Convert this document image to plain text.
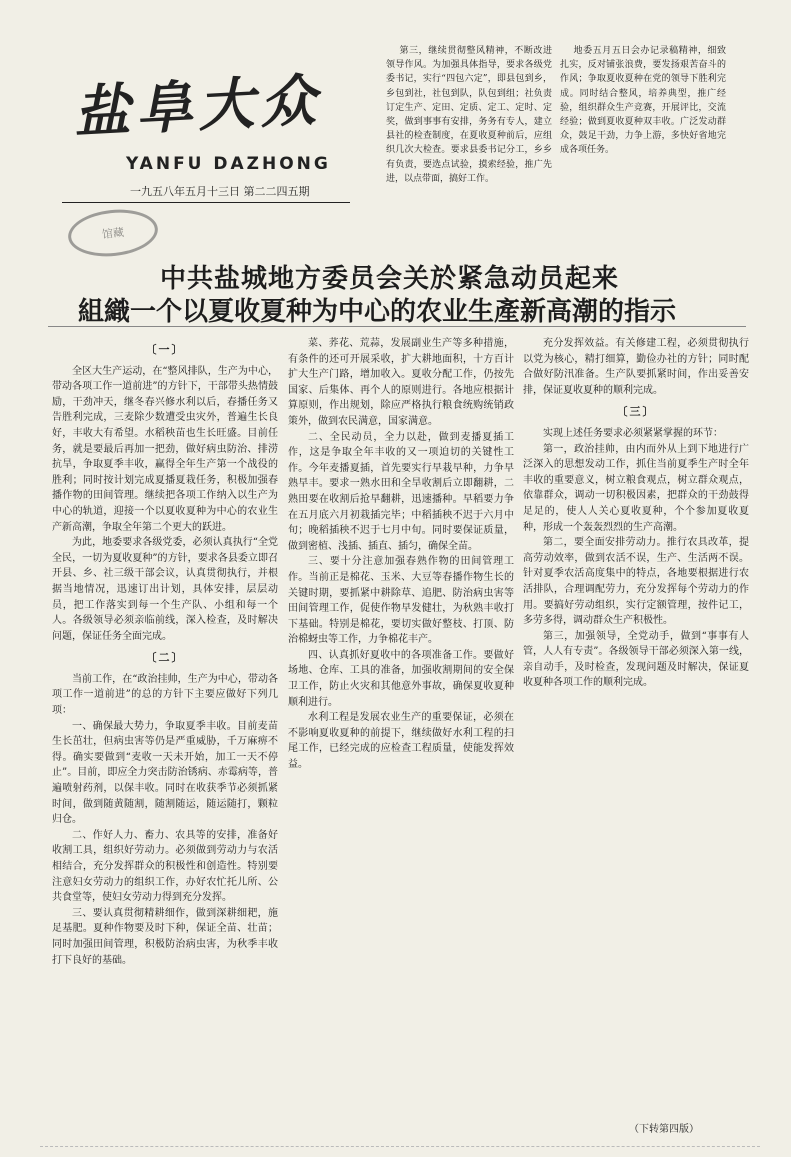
盐阜大众
YANFU DAZHONG
一九五八年五月十三日 第二二四五期
馆藏

第三，继续贯彻整风精神，不断改进领导作风。为加强具体指导，要求各级党委书记，实行“四包六定”，即县包到乡，乡包到社，社包到队，队包到组；社负责订定生产、定田、定质、定工、定时、定奖，做到事事有安排，务务有专人，建立县社的检查制度，在夏收夏种前后，应组织几次大检查。要求县委书记分工，乡乡有负责，要选点试验，摸索经验，推广先进，以点带面，搞好工作。

地委五月五日会办记录稿精神，细致扎实，反对铺张浪费，要发扬艰苦奋斗的作风；争取夏收夏种在党的领导下胜利完成。同时结合整风，培养典型，推广经验，组织群众生产竞赛，开展评比，交流经验；做到夏收夏种双丰收。广泛发动群众，鼓足干劲，力争上游，多快好省地完成各项任务。

中共盐城地方委员会关於紧急动员起来
組織一个以夏收夏种为中心的农业生產新高潮的指示
〔一〕

全区大生产运动，在“整风排队，生产为中心，带动各项工作一道前进”的方针下，干部带头热情鼓励，干劲冲天，继冬春兴修水利以后，春播任务又告胜利完成，三麦除少数遭受虫灾外，普遍生长良好，丰收大有希望。水稻秧苗也生长旺盛。目前任务，就是要最后再加一把劲，做好病虫防治、排涝抗旱，争取夏季丰收，赢得全年生产第一个战役的胜利；同时按计划完成夏播夏栽任务，积极加强春播作物的田间管理。继续把各项工作纳入以生产为中心的轨道，迎接一个以夏收夏种为中心的农业生产新高潮，争取全年第二个更大的跃进。

为此，地委要求各级党委，必须认真执行“全党全民，一切为夏收夏种”的方针，要求各县委立即召开县、乡、社三级干部会议，认真贯彻执行，并根据当地情况，迅速订出计划，具体安排，层层动员，把工作落实到每一个生产队、小组和每一个人。各级领导必须亲临前线，深入检查，及时解决问题，保证任务全面完成。

〔二〕

当前工作，在“政治挂帅，生产为中心，带动各项工作一道前进”的总的方针下主要应做好下列几项：

一、确保最大势力，争取夏季丰收。目前麦苗生长茁壮，但病虫害等仍是严重威胁，千万麻痹不得。确实要做到“麦收一天未开始，加工一天不停止”。目前，即应全力突击防治锈病、赤霉病等，普遍喷射药剂，以保丰收。同时在收获季节必须抓紧时间，做到随黄随割，随割随运，随运随打，颗粒归仓。

二、作好人力、畜力、农具等的安排，准备好收割工具，组织好劳动力。必须做到劳动力与农活相结合，充分发挥群众的积极性和创造性。特别要注意妇女劳动力的组织工作，办好农忙托儿所、公共食堂等，使妇女劳动力得到充分发挥。

三、要认真贯彻精耕细作，做到深耕细耙，施足基肥。夏种作物要及时下种，保证全苗、壮苗；同时加强田间管理，积极防治病虫害，为秋季丰收打下良好的基础。

菜、荞花、荒蒜，发展副业生产等多种措施，有条件的还可开展采收，扩大耕地面积，十方百计扩大生产门路，增加收入。夏收分配工作，仍按先国家、后集体、再个人的原则进行。各地应根据计算原则，作出规划，除应严格执行粮食统购统销政策外，做到农民满意，国家满意。

二、全民动员，全力以赴，做到麦播夏插工作，这是争取全年丰收的又一项迫切的关键性工作。今年麦播夏插，首先要实行早栽早种，力争早熟早丰。要求一熟水田和全旱收割后立即翻耕，二熟田要在收割后抢早翻耕，迅速播种。早稻要力争在五月底六月初栽插完毕；中稻插秧不迟于六月中旬；晚稻插秧不迟于七月中旬。同时要保证质量，做到密植、浅插、插直、插匀，确保全苗。

三、要十分注意加强春熟作物的田间管理工作。当前正是棉花、玉米、大豆等春播作物生长的关键时期，要抓紧中耕除草、追肥、防治病虫害等田间管理工作，促使作物早发健壮，为秋熟丰收打下基础。特别是棉花，要切实做好整枝、打顶、防治棉蚜虫等工作，力争棉花丰产。

四、认真抓好夏收中的各项准备工作。要做好场地、仓库、工具的准备，加强收割期间的安全保卫工作，防止火灾和其他意外事故，确保夏收夏种顺利进行。

水利工程是发展农业生产的重要保证，必须在不影响夏收夏种的前提下，继续做好水利工程的扫尾工作，已经完成的应检查工程质量，使能发挥效益。

充分发挥效益。有关修建工程，必须贯彻执行以党为核心，精打细算，勤俭办社的方针；同时配合做好防汛准备。生产队要抓紧时间，作出妥善安排，保证夏收夏种的顺利完成。

〔三〕

实现上述任务要求必须紧紧掌握的环节：

第一，政治挂帅，由内而外从上到下地进行广泛深入的思想发动工作，抓住当前夏季生产时全年丰收的重要意义，树立粮食观点，树立群众观点，依靠群众，调动一切积极因素，把群众的干劲鼓得足足的，使人人关心夏收夏种，个个参加夏收夏种，形成一个轰轰烈烈的生产高潮。

第二，要全面安排劳动力。推行农具改革，提高劳动效率，做到农活不误，生产、生活两不误。针对夏季农活高度集中的特点，各地要根据进行农活排队，合理调配劳力，充分发挥每个劳动力的作用。要搞好劳动组织，实行定额管理，按件记工，多劳多得，调动群众生产积极性。

第三，加强领导，全党动手，做到“事事有人管，人人有专责”。各级领导干部必须深入第一线，亲自动手，及时检查，发现问题及时解决，保证夏收夏种各项工作的顺利完成。

（下转第四版）
